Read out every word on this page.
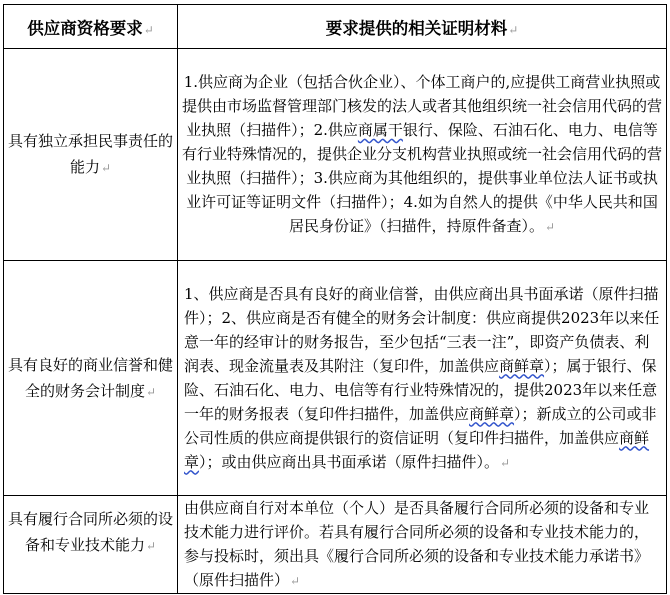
供应商资格要求↵	要求提供的相关证明材料↵
具有独立承担民事责任的能力↵	1.供应商为企业（包括合伙企业）、个体工商户的,应提供工商营业执照或提供由市场监督管理部门核发的法人或者其他组织统一社会信用代码的营业执照（扫描件）；2.供应商属干银行、保险、石油石化、电力、电信等有行业特殊情况的，提供企业分支机构营业执照或统一社会信用代码的营业执照（扫描件）；3.供应商为其他组织的，提供事业单位法人证书或执业许可证等证明文件（扫描件）；4.如为自然人的提供《中华人民共和国居民身份证》（扫描件，持原件备查）。↵
具有良好的商业信誉和健全的财务会计制度↵	1、供应商是否具有良好的商业信誉，由供应商出具书面承诺（原件扫描件）；2、供应商是否有健全的财务会计制度：供应商提供2023年以来任意一年的经审计的财务报告，至少包括“三表一注”，即资产负债表、利润表、现金流量表及其附注（复印件，加盖供应商鲜章）；属于银行、保险、石油石化、电力、电信等有行业特殊情况的，提供2023年以来任意一年的财务报表（复印件扫描件，加盖供应商鲜章）；新成立的公司或非公司性质的供应商提供银行的资信证明（复印件扫描件，加盖供应商鲜章）；或由供应商出具书面承诺（原件扫描件）。↵
具有履行合同所必须的设备和专业技术能力↵	由供应商自行对本单位（个人）是否具备履行合同所必须的设备和专业技术能力进行评价。若具有履行合同所必须的设备和专业技术能力的，参与投标时，须出具《履行合同所必须的设备和专业技术能力承诺书》（原件扫描件）↵
